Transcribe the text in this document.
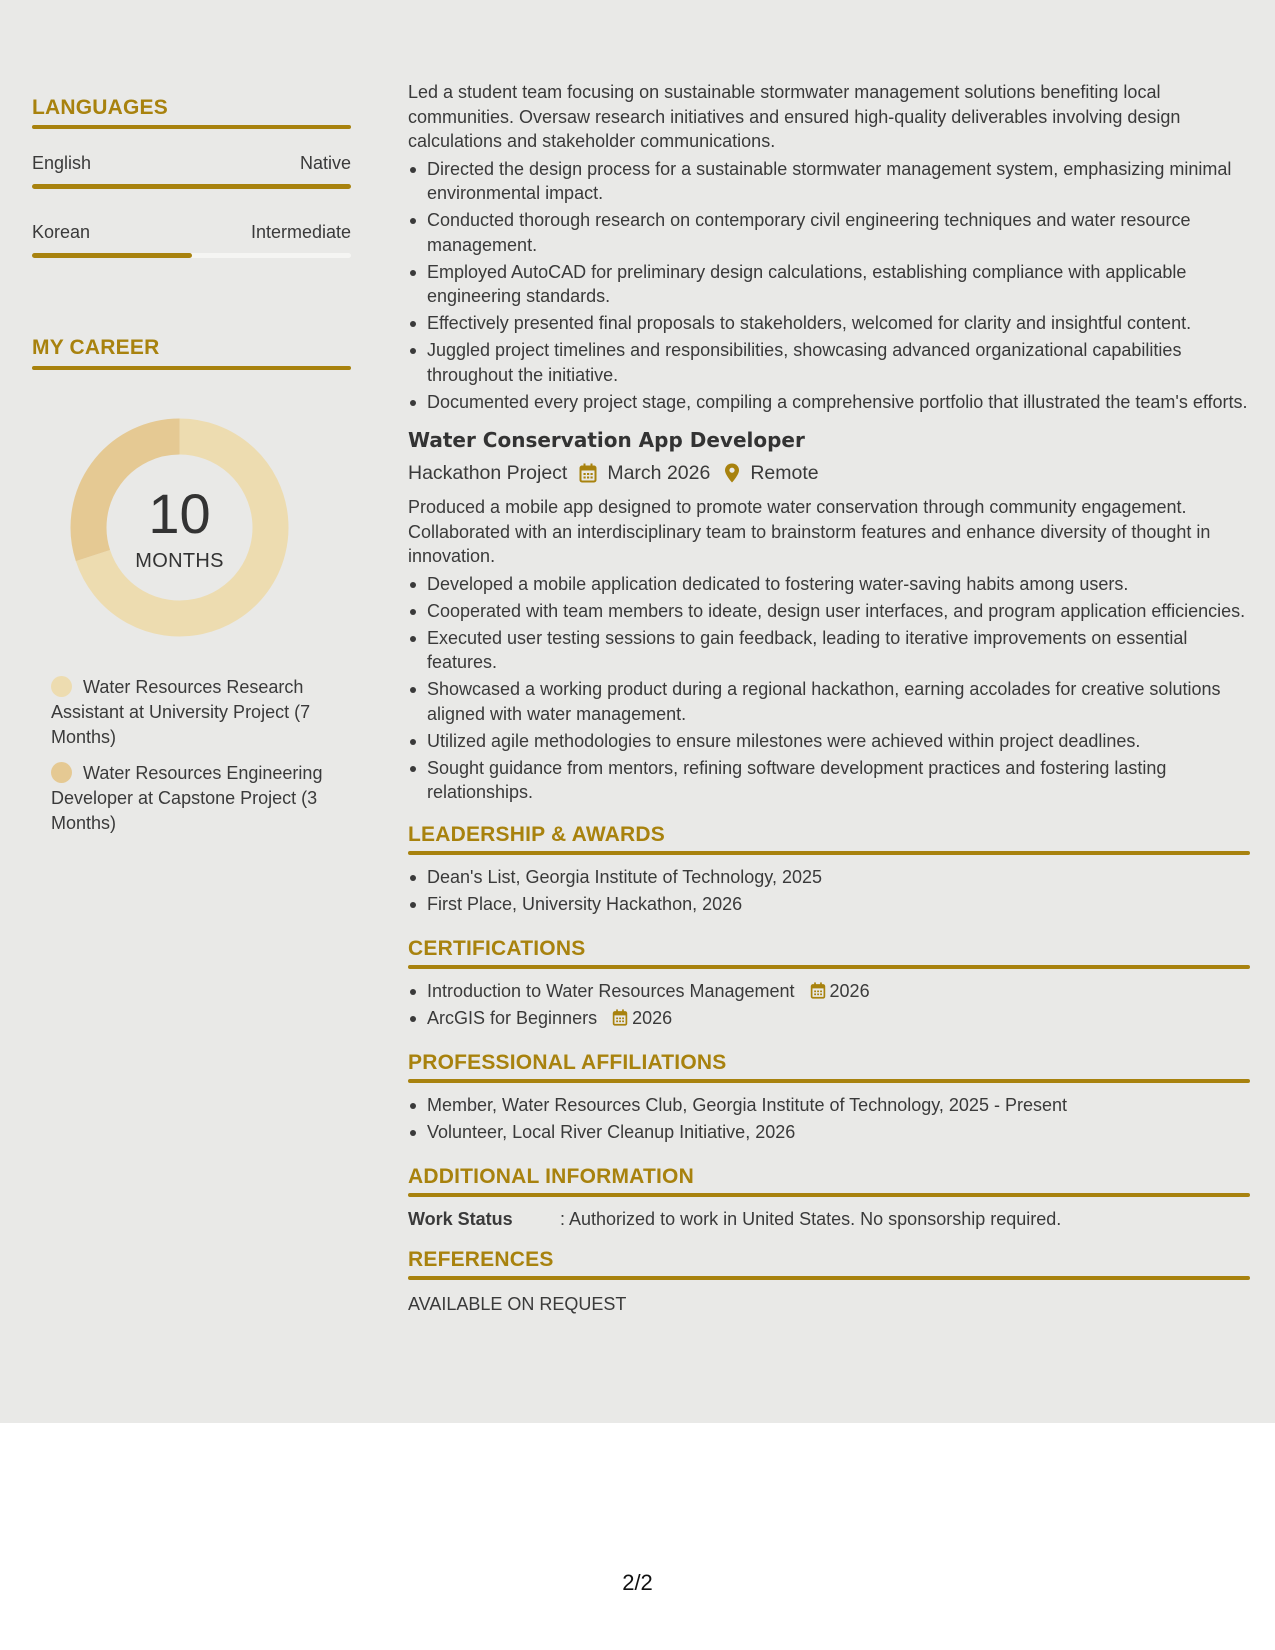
LANGUAGES
English	Native
Korean	Intermediate
MY CAREER
10
MONTHS
Water Resources Research Assistant at University Project (7 Months)
Water Resources Engineering Developer at Capstone Project (3 Months)

Led a student team focusing on sustainable stormwater management solutions benefiting local communities. Oversaw research initiatives and ensured high-quality deliverables involving design calculations and stakeholder communications.

Directed the design process for a sustainable stormwater management system, emphasizing minimal environmental impact.
Conducted thorough research on contemporary civil engineering techniques and water resource management.
Employed AutoCAD for preliminary design calculations, establishing compliance with applicable engineering standards.
Effectively presented final proposals to stakeholders, welcomed for clarity and insightful content.
Juggled project timelines and responsibilities, showcasing advanced organizational capabilities throughout the initiative.
Documented every project stage, compiling a comprehensive portfolio that illustrated the team's efforts.
Water Conservation App Developer
Hackathon Project March 2026 Remote

Produced a mobile app designed to promote water conservation through community engagement. Collaborated with an interdisciplinary team to brainstorm features and enhance diversity of thought in innovation.

Developed a mobile application dedicated to fostering water-saving habits among users.
Cooperated with team members to ideate, design user interfaces, and program application efficiencies.
Executed user testing sessions to gain feedback, leading to iterative improvements on essential features.
Showcased a working product during a regional hackathon, earning accolades for creative solutions aligned with water management.
Utilized agile methodologies to ensure milestones were achieved within project deadlines.
Sought guidance from mentors, refining software development practices and fostering lasting relationships.
LEADERSHIP & AWARDS
Dean's List, Georgia Institute of Technology, 2025
First Place, University Hackathon, 2026
CERTIFICATIONS
Introduction to Water Resources Management 2026
ArcGIS for Beginners 2026
PROFESSIONAL AFFILIATIONS
Member, Water Resources Club, Georgia Institute of Technology, 2025 - Present
Volunteer, Local River Cleanup Initiative, 2026
ADDITIONAL INFORMATION
Work Status	: Authorized to work in United States. No sponsorship required.
REFERENCES
AVAILABLE ON REQUEST
2/2
